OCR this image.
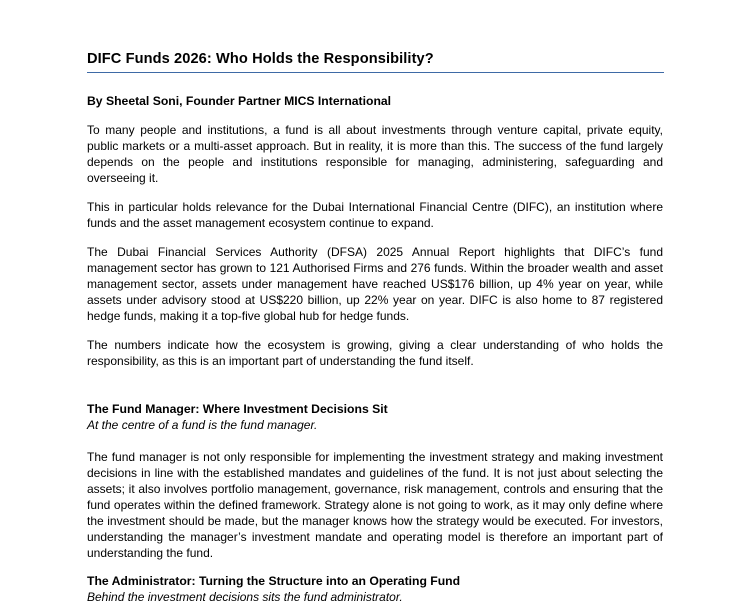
DIFC Funds 2026: Who Holds the Responsibility?
By Sheetal Soni, Founder Partner MICS International
To many people and institutions, a fund is all about investments through venture capital, private equity, public markets or a multi-asset approach. But in reality, it is more than this. The success of the fund largely depends on the people and institutions responsible for managing, administering, safeguarding and overseeing it.
This in particular holds relevance for the Dubai International Financial Centre (DIFC), an institution where funds and the asset management ecosystem continue to expand.
The Dubai Financial Services Authority (DFSA) 2025 Annual Report highlights that DIFC’s fund management sector has grown to 121 Authorised Firms and 276 funds. Within the broader wealth and asset management sector, assets under management have reached US$176 billion, up 4% year on year, while assets under advisory stood at US$220 billion, up 22% year on year. DIFC is also home to 87 registered hedge funds, making it a top-five global hub for hedge funds.
The numbers indicate how the ecosystem is growing, giving a clear understanding of who holds the responsibility, as this is an important part of understanding the fund itself.
The Fund Manager: Where Investment Decisions Sit
At the centre of a fund is the fund manager.
The fund manager is not only responsible for implementing the investment strategy and making investment decisions in line with the established mandates and guidelines of the fund. It is not just about selecting the assets; it also involves portfolio management, governance, risk management, controls and ensuring that the fund operates within the defined framework. Strategy alone is not going to work, as it may only define where the investment should be made, but the manager knows how the strategy would be executed. For investors, understanding the manager’s investment mandate and operating model is therefore an important part of understanding the fund.
The Administrator: Turning the Structure into an Operating Fund
Behind the investment decisions sits the fund administrator.
